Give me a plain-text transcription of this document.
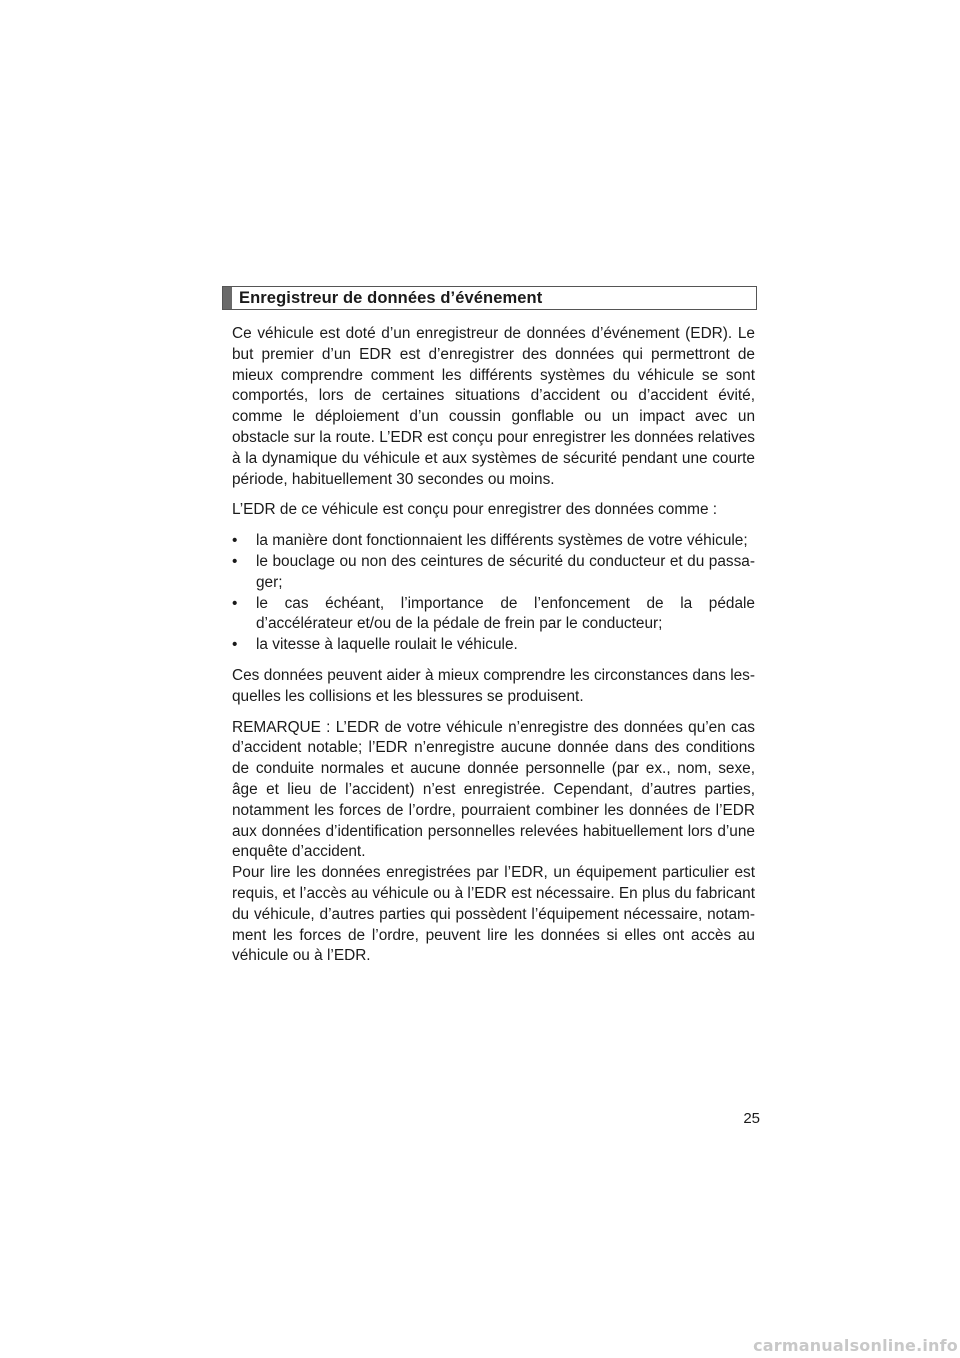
Enregistreur de données d’événement

Ce véhicule est doté d’un enregistreur de données d’événement (EDR). Le but premier d’un EDR est d’enregistrer des données qui permettront de mieux comprendre comment les différents systèmes du véhicule se sont comportés, lors de certaines situations d’accident ou d’accident évité, comme le déploiement d’un coussin gonflable ou un impact avec un obstacle sur la route. L’EDR est conçu pour enregistrer les données relatives à la dynamique du véhicule et aux systèmes de sécurité pendant une courte période, habituellement 30 secondes ou moins.

L’EDR de ce véhicule est conçu pour enregistrer des données comme :

• la manière dont fonctionnaient les différents systèmes de votre véhicule;
• le bouclage ou non des ceintures de sécurité du conducteur et du passa-ger;
• le cas échéant, l’importance de l’enfoncement de la pédale d’accélérateur et/ou de la pédale de frein par le conducteur;
• la vitesse à laquelle roulait le véhicule.

Ces données peuvent aider à mieux comprendre les circonstances dans les-quelles les collisions et les blessures se produisent.

REMARQUE : L’EDR de votre véhicule n’enregistre des données qu’en cas d’accident notable; l’EDR n’enregistre aucune donnée dans des conditions de conduite normales et aucune donnée personnelle (par ex., nom, sexe, âge et lieu de l’accident) n’est enregistrée. Cependant, d’autres parties, notamment les forces de l’ordre, pourraient combiner les données de l’EDR aux données d’identification personnelles relevées habituellement lors d’une enquête d’accident.

Pour lire les données enregistrées par l’EDR, un équipement particulier est requis, et l’accès au véhicule ou à l’EDR est nécessaire. En plus du fabricant du véhicule, d’autres parties qui possèdent l’équipement nécessaire, notam-ment les forces de l’ordre, peuvent lire les données si elles ont accès au véhicule ou à l’EDR.

25
carmanualsonline.info
